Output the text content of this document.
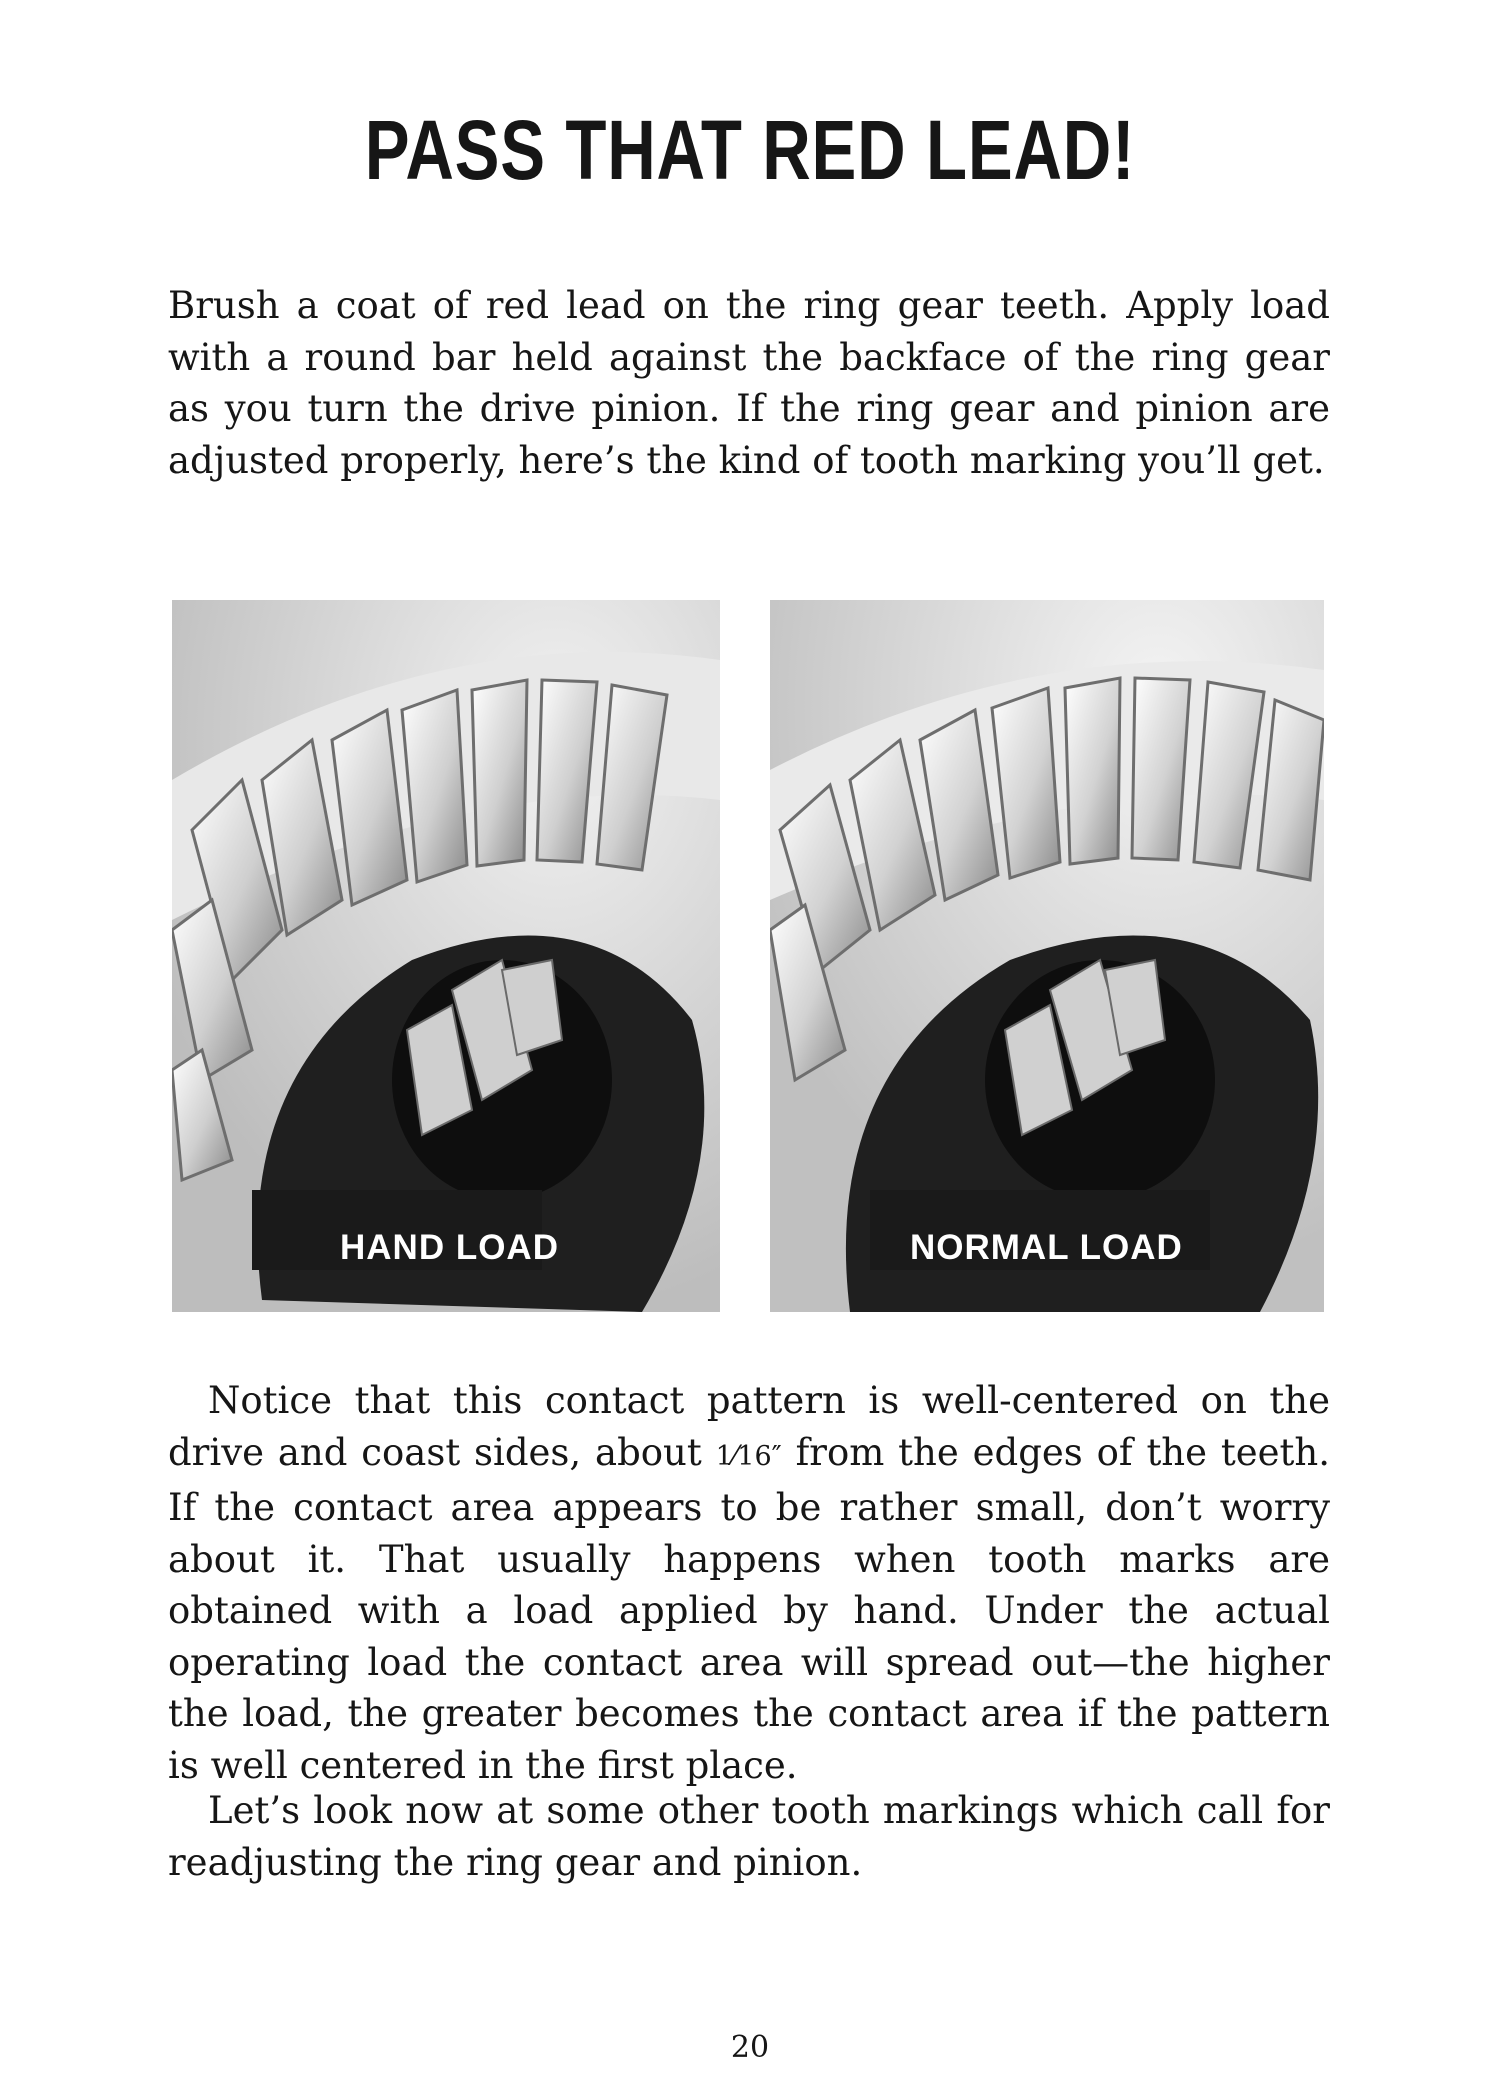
PASS THAT RED LEAD!

Brush a coat of red lead on the ring gear teeth. Apply load with a round bar held against the backface of the ring gear as you turn the drive pinion. If the ring gear and pinion are adjusted properly, here’s the kind of tooth marking you’ll get.

HAND LOAD	NORMAL LOAD

Notice that this contact pattern is well-centered on the drive and coast sides, about 1⁄16″ from the edges of the teeth. If the contact area appears to be rather small, don’t worry about it. That usually happens when tooth marks are obtained with a load applied by hand. Under the actual operating load the contact area will spread out—the higher the load, the greater becomes the contact area if the pattern is well centered in the first place.

Let’s look now at some other tooth markings which call for readjusting the ring gear and pinion.

20
